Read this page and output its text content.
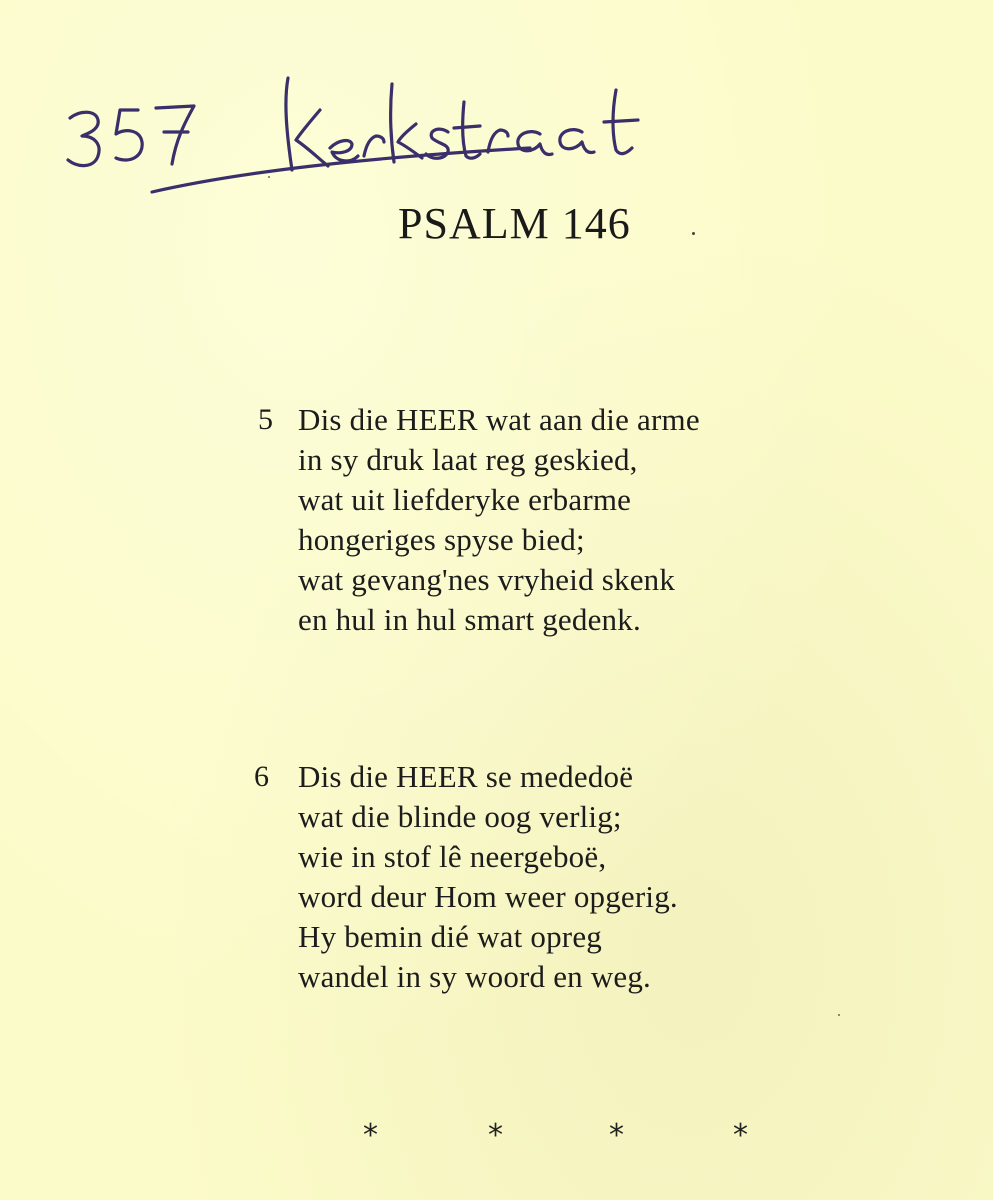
PSALM 146
5 Dis die HEER wat aan die arme
in sy druk laat reg geskied,
wat uit liefderyke erbarme
hongeriges spyse bied;
wat gevang'nes vryheid skenk
en hul in hul smart gedenk.
6 Dis die HEER se mededoë
wat die blinde oog verlig;
wie in stof lê neergeboë,
word deur Hom weer opgerig.
Hy bemin dié wat opreg
wandel in sy woord en weg.
*	*	*	*
